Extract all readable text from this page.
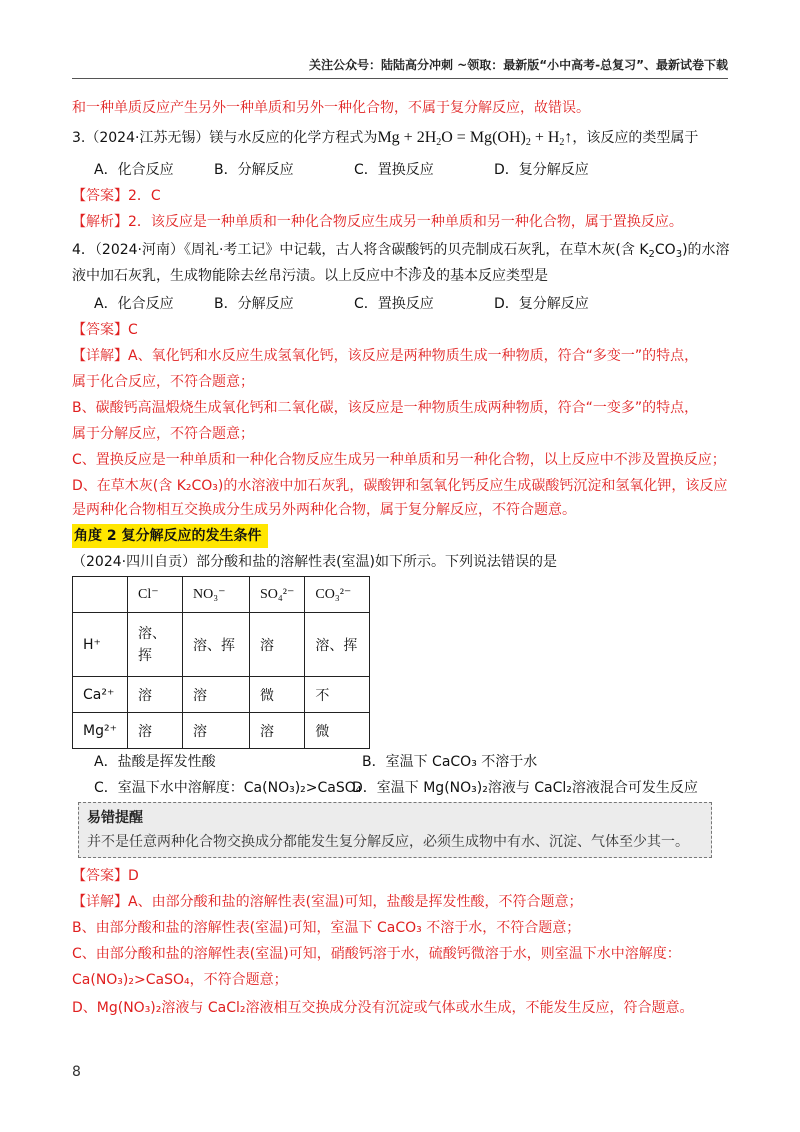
关注公众号：陆陆高分冲刺 ~领取：最新版“小中高考-总复习”、最新试卷下载
和一种单质反应产生另外一种单质和另外一种化合物，不属于复分解反应，故错误。
3.（2024·江苏无锡）镁与水反应的化学方程式为$Mg + 2H_2O = Mg(OH)_2$ + $H_2↑$，该反应的类型属于
A．化合反应	B．分解反应	C．置换反应	D．复分解反应
【答案】2．C
【解析】2．该反应是一种单质和一种化合物反应生成另一种单质和另一种化合物，属于置换反应。
4．（2024·河南）《周礼·考工记》中记载，古人将含碳酸钙的贝壳制成石灰乳，在草木灰(含 $K_2CO_3$)的水溶
液中加石灰乳，生成物能除去丝帛污渍。以上反应中不涉及的基本反应类型是
A．化合反应	B．分解反应	C．置换反应	D．复分解反应
【答案】C
【详解】A、氧化钙和水反应生成氢氧化钙，该反应是两种物质生成一种物质，符合“多变一”的特点，
属于化合反应，不符合题意；
B、碳酸钙高温煅烧生成氧化钙和二氧化碳，该反应是一种物质生成两种物质，符合“一变多”的特点，
属于分解反应，不符合题意；
C、置换反应是一种单质和一种化合物反应生成另一种单质和另一种化合物，以上反应中不涉及置换反应；
D、在草木灰(含 K₂CO₃)的水溶液中加石灰乳，碳酸钾和氢氧化钙反应生成碳酸钙沉淀和氢氧化钾，该反应
是两种化合物相互交换成分生成另外两种化合物，属于复分解反应，不符合题意。
角度 2 复分解反应的发生条件
（2024·四川自贡）部分酸和盐的溶解性表(室温)如下所示。下列说法错误的是
	Cl⁻	NO₃⁻	SO₄²⁻	CO₃²⁻
H⁺	溶、挥	溶、挥	溶	溶、挥
Ca²⁺	溶	溶	微	不
Mg²⁺	溶	溶	溶	微
A．盐酸是挥发性酸	B．室温下 CaCO₃ 不溶于水
C．室温下水中溶解度：Ca(NO₃)₂>CaSO₄
D．室温下 Mg(NO₃)₂溶液与 CaCl₂溶液混合可发生反应
易错提醒
并不是任意两种化合物交换成分都能发生复分解反应，必须生成物中有水、沉淀、气体至少其一。
【答案】D
【详解】A、由部分酸和盐的溶解性表(室温)可知，盐酸是挥发性酸，不符合题意；
B、由部分酸和盐的溶解性表(室温)可知，室温下 CaCO₃ 不溶于水，不符合题意；
C、由部分酸和盐的溶解性表(室温)可知，硝酸钙溶于水，硫酸钙微溶于水，则室温下水中溶解度：
Ca(NO₃)₂>CaSO₄，不符合题意；
D、Mg(NO₃)₂溶液与 CaCl₂溶液相互交换成分没有沉淀或气体或水生成，不能发生反应，符合题意。
8
